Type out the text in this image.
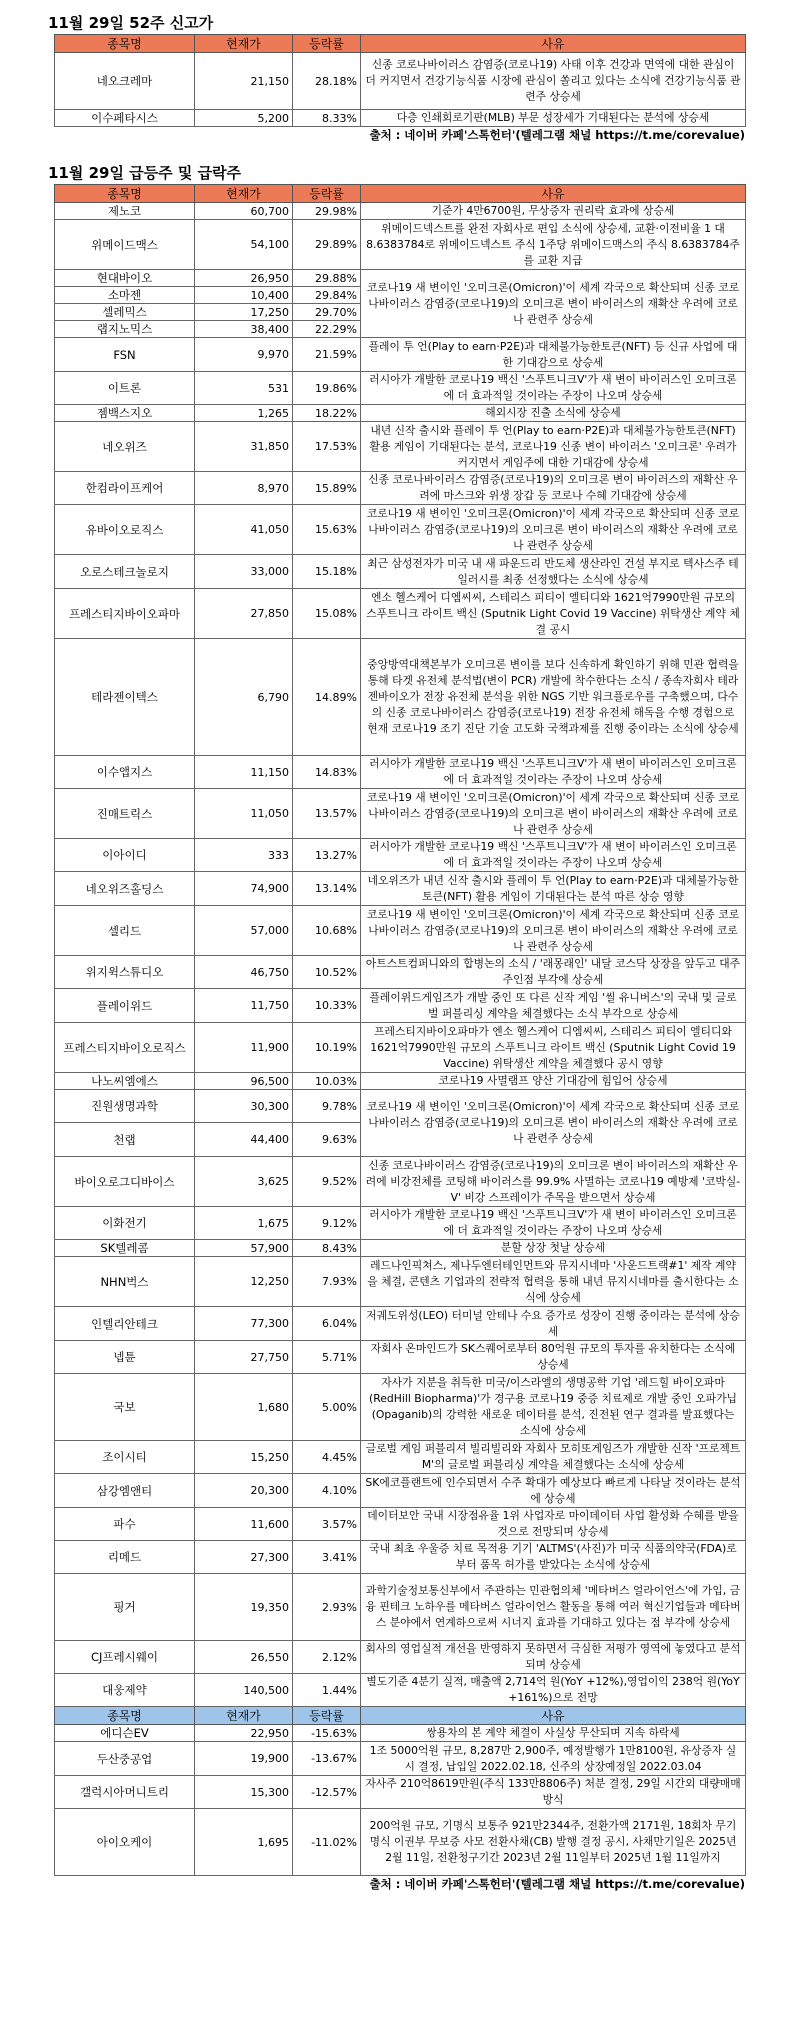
11월 29일 52주 신고가
종목명	현재가	등락률	사유
네오크레마	21,150	28.18%	신종 코로나바이러스 감염증(코로나19) 사태 이후 건강과 면역에 대한 관심이 더 커지면서 건강기능식품 시장에 관심이 쏠리고 있다는 소식에 건강기능식품 관련주 상승세
이수페타시스	5,200	8.33%	다층 인쇄회로기판(MLB) 부문 성장세가 기대된다는 분석에 상승세
출처 : 네이버 카페'스톡헌터'(텔레그램 채널 https://t.me/corevalue)
11월 29일 급등주 및 급락주
종목명	현재가	등락률	사유
제노코	60,700	29.98%	기준가 4만6700원, 무상증자 권리락 효과에 상승세
위메이드맥스	54,100	29.89%	위메이드넥스트를 완전 자회사로 편입 소식에 상승세, 교환·이전비율 1 대 8.6383784로 위메이드넥스트 주식 1주당 위메이드맥스의 주식 8.6383784주를 교환 지급
현대바이오	26,950	29.88%	코로나19 새 변이인 '오미크론(Omicron)'이 세계 각국으로 확산되며 신종 코로나바이러스 감염증(코로나19)의 오미크론 변이 바이러스의 재확산 우려에 코로나 관련주 상승세
소마젠	10,400	29.84%	
셀레믹스	17,250	29.70%	
랩지노믹스	38,400	22.29%	
FSN	9,970	21.59%	플레이 투 언(Play to earn·P2E)과 대체불가능한토큰(NFT) 등 신규 사업에 대한 기대감으로 상승세
이트론	531	19.86%	러시아가 개발한 코로나19 백신 '스푸트니크V'가 새 변이 바이러스인 오미크론에 더 효과적일 것이라는 주장이 나오며 상승세
젬백스지오	1,265	18.22%	해외시장 진출 소식에 상승세
네오위즈	31,850	17.53%	내년 신작 출시와 플레이 투 언(Play to earn·P2E)과 대체불가능한토큰(NFT) 활용 게임이 기대된다는 분석, 코로나19 신종 변이 바이러스 '오미크론' 우려가 커지면서 게임주에 대한 기대감에 상승세
한컴라이프케어	8,970	15.89%	신종 코로나바이러스 감염증(코로나19)의 오미크론 변이 바이러스의 재확산 우려에 마스크와 위생 장갑 등 코로나 수혜 기대감에 상승세
유바이오로직스	41,050	15.63%	코로나19 새 변이인 '오미크론(Omicron)'이 세계 각국으로 확산되며 신종 코로나바이러스 감염증(코로나19)의 오미크론 변이 바이러스의 재확산 우려에 코로나 관련주 상승세
오로스테크놀로지	33,000	15.18%	최근 삼성전자가 미국 내 새 파운드리 반도체 생산라인 건설 부지로 텍사스주 테일러시를 최종 선정했다는 소식에 상승세
프레스티지바이오파마	27,850	15.08%	엔소 헬스케어 디엠씨씨, 스테리스 피티이 엘티디와 1621억7990만원 규모의 스푸트니크 라이트 백신 (Sputnik Light Covid 19 Vaccine) 위탁생산 계약 체결 공시
테라젠이텍스	6,790	14.89%	중앙방역대책본부가 오미크론 변이를 보다 신속하게 확인하기 위해 민관 협력을 통해 타겟 유전체 분석법(변이 PCR) 개발에 착수한다는 소식 / 종속자회사 테라젠바이오가 전장 유전체 분석을 위한 NGS 기반 워크플로우를 구축했으며, 다수의 신종 코로나바이러스 감염증(코로나19) 전장 유전체 해독을 수행 경험으로 현재 코로나19 조기 진단 기술 고도화 국책과제를 진행 중이라는 소식에 상승세
이수앱지스	11,150	14.83%	러시아가 개발한 코로나19 백신 '스푸트니크V'가 새 변이 바이러스인 오미크론에 더 효과적일 것이라는 주장이 나오며 상승세
진매트릭스	11,050	13.57%	코로나19 새 변이인 '오미크론(Omicron)'이 세계 각국으로 확산되며 신종 코로나바이러스 감염증(코로나19)의 오미크론 변이 바이러스의 재확산 우려에 코로나 관련주 상승세
이아이디	333	13.27%	러시아가 개발한 코로나19 백신 '스푸트니크V'가 새 변이 바이러스인 오미크론에 더 효과적일 것이라는 주장이 나오며 상승세
네오위즈홀딩스	74,900	13.14%	네오위즈가 내년 신작 출시와 플레이 투 언(Play to earn·P2E)과 대체불가능한토큰(NFT) 활용 게임이 기대된다는 분석 따른 상승 영향
셀리드	57,000	10.68%	코로나19 새 변이인 '오미크론(Omicron)'이 세계 각국으로 확산되며 신종 코로나바이러스 감염증(코로나19)의 오미크론 변이 바이러스의 재확산 우려에 코로나 관련주 상승세
위지윅스튜디오	46,750	10.52%	아트스트컴퍼니와의 합병논의 소식 / '래몽래인' 내달 코스닥 상장을 앞두고 대주주인점 부각에 상승세
플레이위드	11,750	10.33%	플레이위드게임즈가 개발 중인 또 다른 신작 게임 '씰 유니버스'의 국내 및 글로벌 퍼블리싱 계약을 체결했다는 소식 부각으로 상승세
프레스티지바이오로직스	11,900	10.19%	프레스티지바이오파마가 엔소 헬스케어 디엠씨씨, 스테리스 피티이 엘티디와 1621억7990만원 규모의 스푸트니크 라이트 백신 (Sputnik Light Covid 19 Vaccine) 위탁생산 계약을 체결했다 공시 영향
나노씨엠에스	96,500	10.03%	코로나19 사멸램프 양산 기대감에 힘입어 상승세
진원생명과학	30,300	9.78%	코로나19 새 변이인 '오미크론(Omicron)'이 세계 각국으로 확산되며 신종 코로나바이러스 감염증(코로나19)의 오미크론 변이 바이러스의 재확산 우려에 코로나 관련주 상승세
천랩	44,400	9.63%	
바이오로그디바이스	3,625	9.52%	신종 코로나바이러스 감염증(코로나19)의 오미크론 변이 바이러스의 재확산 우려에 비강전체를 코팅해 바이러스를 99.9% 사멸하는 코로나19 예방제 '코박실-V' 비강 스프레이가 주목을 받으면서 상승세
이화전기	1,675	9.12%	러시아가 개발한 코로나19 백신 '스푸트니크V'가 새 변이 바이러스인 오미크론에 더 효과적일 것이라는 주장이 나오며 상승세
SK텔레콤	57,900	8.43%	분할 상장 첫날 상승세
NHN벅스	12,250	7.93%	레드나인픽쳐스, 제나두엔터테인먼트와 뮤지시네마 '사운드트랙#1' 제작 계약을 체결, 콘텐츠 기업과의 전략적 협력을 통해 내년 뮤지시네마를 출시한다는 소식에 상승세
인텔리안테크	77,300	6.04%	저궤도위성(LEO) 터미널 안테나 수요 증가로 성장이 진행 중이라는 분석에 상승세
넵튠	27,750	5.71%	자회사 온마인드가 SK스퀘어로부터 80억원 규모의 투자를 유치한다는 소식에 상승세
국보	1,680	5.00%	자사가 지분을 취득한 미국/이스라엘의 생명공학 기업 '레드힐 바이오파마(RedHill Biopharma)'가 경구용 코로나19 중증 치료제로 개발 중인 오파가닙(Opaganib)의 강력한 새로운 데이터를 분석, 진전된 연구 결과를 발표했다는 소식에 상승세
조이시티	15,250	4.45%	글로벌 게임 퍼블리셔 빌리빌리와 자회사 모히또게임즈가 개발한 신작 '프로젝트M'의 글로벌 퍼블리싱 계약을 체결했다는 소식에 상승세
삼강엠앤티	20,300	4.10%	SK에코플랜트에 인수되면서 수주 확대가 예상보다 빠르게 나타날 것이라는 분석에 상승세
파수	11,600	3.57%	데이터보안 국내 시장점유율 1위 사업자로 마이데이터 사업 활성화 수혜를 받을 것으로 전망되며 상승세
리메드	27,300	3.41%	국내 최초 우울증 치료 목적용 기기 'ALTMS'(사진)가 미국 식품의약국(FDA)로부터 품목 허가를 받았다는 소식에 상승세
핑거	19,350	2.93%	과학기술정보통신부에서 주관하는 민관협의체 '메타버스 얼라이언스'에 가입, 금융 핀테크 노하우를 메타버스 얼라이언스 활동을 통해 여러 혁신기업들과 메타버스 분야에서 연계하으로써 시너지 효과를 기대하고 있다는 점 부각에 상승세
CJ프레시웨이	26,550	2.12%	회사의 영업실적 개선을 반영하지 못하면서 극심한 저평가 영역에 놓였다고 분석되며 상승세
대웅제약	140,500	1.44%	별도기준 4분기 실적, 매출액 2,714억 원(YoY +12%),영업이익 238억 원(YoY +161%)으로 전망
종목명	현재가	등락률	사유
에디슨EV	22,950	-15.63%	쌍용차의 본 계약 체결이 사실상 무산되며 지속 하락세
두산중공업	19,900	-13.67%	1조 5000억원 규모, 8,287만 2,900주, 예정발행가 1만8100원, 유상증자 실시 결정, 납입일 2022.02.18, 신주의 상장예정일 2022.03.04
갤럭시아머니트리	15,300	-12.57%	자사주 210억8619만원(주식 133만8806주) 처분 결정, 29일 시간외 대량매매 방식
아이오케이	1,695	-11.02%	200억원 규모, 기명식 보통주 921만2344주, 전환가액 2171원, 18회차 무기명식 이권부 무보증 사모 전환사채(CB) 발행 결정 공시, 사채만기일은 2025년 2월 11일, 전환청구기간 2023년 2월 11일부터 2025년 1월 11일까지
출처 : 네이버 카페'스톡헌터'(텔레그램 채널 https://t.me/corevalue)
